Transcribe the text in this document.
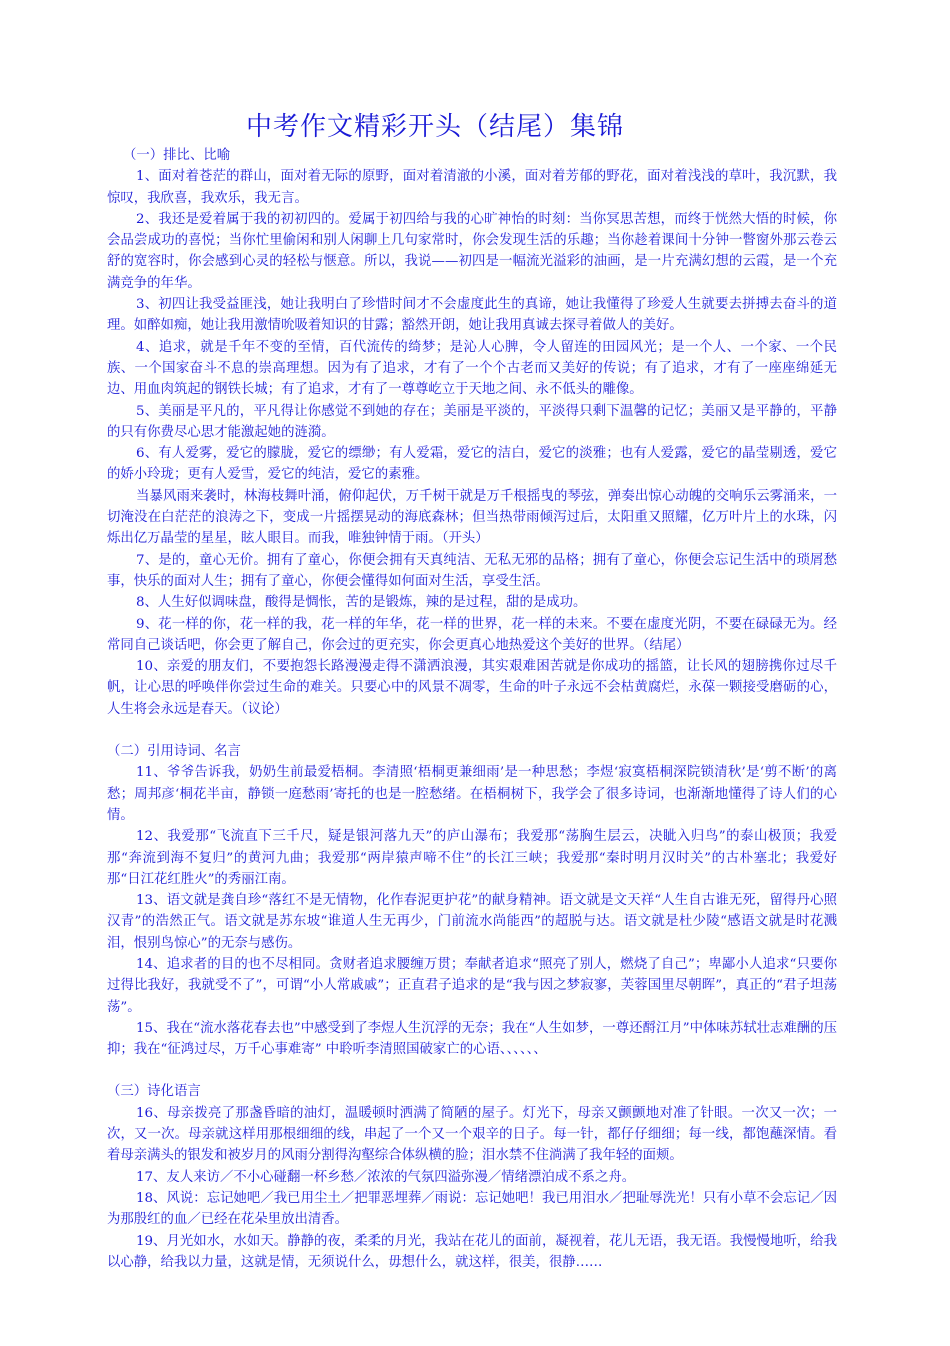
中考作文精彩开头（结尾）集锦

（一）排比、比喻

1、面对着苍茫的群山，面对着无际的原野，面对着清澈的小溪，面对着芳郁的野花，面对着浅浅的草叶，我沉默，我惊叹，我欣喜，我欢乐，我无言。

2、我还是爱着属于我的初初四的。爱属于初四给与我的心旷神怡的时刻：当你冥思苦想，而终于恍然大悟的时候，你会品尝成功的喜悦；当你忙里偷闲和别人闲聊上几句家常时，你会发现生活的乐趣；当你趁着课间十分钟一瞥窗外那云卷云舒的宽容时，你会感到心灵的轻松与惬意。所以，我说——初四是一幅流光溢彩的油画，是一片充满幻想的云霞，是一个充满竞争的年华。

3、初四让我受益匪浅，她让我明白了珍惜时间才不会虚度此生的真谛，她让我懂得了珍爱人生就要去拼搏去奋斗的道理。如醉如痴，她让我用激情吮吸着知识的甘露；豁然开朗，她让我用真诚去探寻着做人的美好。

4、追求，就是千年不变的至情，百代流传的绮梦；是沁人心脾，令人留连的田园风光；是一个人、一个家、一个民族、一个国家奋斗不息的崇高理想。因为有了追求，才有了一个个古老而又美好的传说；有了追求，才有了一座座绵延无边、用血肉筑起的钢铁长城；有了追求，才有了一尊尊屹立于天地之间、永不低头的雕像。

5、美丽是平凡的，平凡得让你感觉不到她的存在；美丽是平淡的，平淡得只剩下温馨的记忆；美丽又是平静的，平静的只有你费尽心思才能激起她的涟漪。

6、有人爱雾，爱它的朦胧，爱它的缥缈；有人爱霜，爱它的洁白，爱它的淡雅；也有人爱露，爱它的晶莹剔透，爱它的娇小玲珑；更有人爱雪，爱它的纯洁，爱它的素雅。

当暴风雨来袭时，林海枝舞叶涌，俯仰起伏，万千树干就是万千根摇曳的琴弦，弹奏出惊心动魄的交响乐云雾涌来，一切淹没在白茫茫的浪涛之下，变成一片摇摆晃动的海底森林；但当热带雨倾泻过后，太阳重又照耀，亿万叶片上的水珠，闪烁出亿万晶莹的星星，眩人眼目。而我，唯独钟情于雨。（开头）

7、是的，童心无价。拥有了童心，你便会拥有天真纯洁、无私无邪的品格；拥有了童心，你便会忘记生活中的琐屑愁事，快乐的面对人生；拥有了童心，你便会懂得如何面对生活，享受生活。

8、人生好似调味盘，酸得是惆怅，苦的是锻炼，辣的是过程，甜的是成功。

9、花一样的你，花一样的我，花一样的年华，花一样的世界，花一样的未来。不要在虚度光阴，不要在碌碌无为。经常同自己谈话吧，你会更了解自己，你会过的更充实，你会更真心地热爱这个美好的世界。（结尾）

10、亲爱的朋友们，不要抱怨长路漫漫走得不潇洒浪漫，其实艰难困苦就是你成功的摇篮，让长风的翅膀携你过尽千帆，让心思的呼唤伴你尝过生命的难关。只要心中的风景不凋零，生命的叶子永远不会枯黄腐烂，永葆一颗接受磨砺的心，人生将会永远是春天。（议论）

（二）引用诗词、名言

11、爷爷告诉我，奶奶生前最爱梧桐。李清照‘梧桐更兼细雨’是一种思愁；李煜‘寂寞梧桐深院锁清秋’是‘剪不断’的离愁；周邦彦‘桐花半亩，静锁一庭愁雨’寄托的也是一腔愁绪。在梧桐树下，我学会了很多诗词，也渐渐地懂得了诗人们的心情。

12、我爱那“飞流直下三千尺，疑是银河落九天”的庐山瀑布；我爱那“荡胸生层云，决眦入归鸟”的泰山极顶；我爱那“奔流到海不复归”的黄河九曲；我爱那“两岸猿声啼不住”的长江三峡；我爱那“秦时明月汉时关”的古朴塞北；我爱好那“日江花红胜火”的秀丽江南。

13、语文就是龚自珍“落红不是无情物，化作春泥更护花”的献身精神。语文就是文天祥“人生自古谁无死，留得丹心照汉青”的浩然正气。语文就是苏东坡“谁道人生无再少，门前流水尚能西”的超脱与达。语文就是杜少陵“感语文就是时花溅泪，恨别鸟惊心”的无奈与感伤。

14、追求者的目的也不尽相同。贪财者追求腰缠万贯；奉献者追求“照亮了别人，燃烧了自己”；卑鄙小人追求“只要你过得比我好，我就受不了”，可谓“小人常戚戚”；正直君子追求的是“我与因之梦寂寥，芙蓉国里尽朝晖”，真正的“君子坦荡荡”。

15、我在“流水落花春去也”中感受到了李煜人生沉浮的无奈；我在“人生如梦，一尊还酹江月”中体味苏轼壮志难酬的压抑；我在“征鸿过尽，万千心事难寄” 中聆听李清照国破家亡的心语、、、、、、

（三）诗化语言

16、母亲拨亮了那盏昏暗的油灯，温暖顿时洒满了简陋的屋子。灯光下，母亲又颤颤地对准了针眼。一次又一次；一次，又一次。母亲就这样用那根细细的线，串起了一个又一个艰辛的日子。每一针，都仔仔细细；每一线，都饱蘸深情。看着母亲满头的银发和被岁月的风雨分割得沟壑综合体纵横的脸；泪水禁不住淌满了我年轻的面颊。

17、友人来访／不小心碰翻一杯乡愁／浓浓的气氛四溢弥漫／情绪漂泊成不系之舟。

18、风说：忘记她吧／我已用尘土／把罪恶埋葬／雨说：忘记她吧！我已用泪水／把耻辱洗光！只有小草不会忘记／因为那殷红的血／已经在花朵里放出清香。

19、月光如水，水如天。静静的夜，柔柔的月光，我站在花儿的面前，凝视着，花儿无语，我无语。我慢慢地听，给我以心静，给我以力量，这就是情，无须说什么，毋想什么，就这样，很美，很静……
